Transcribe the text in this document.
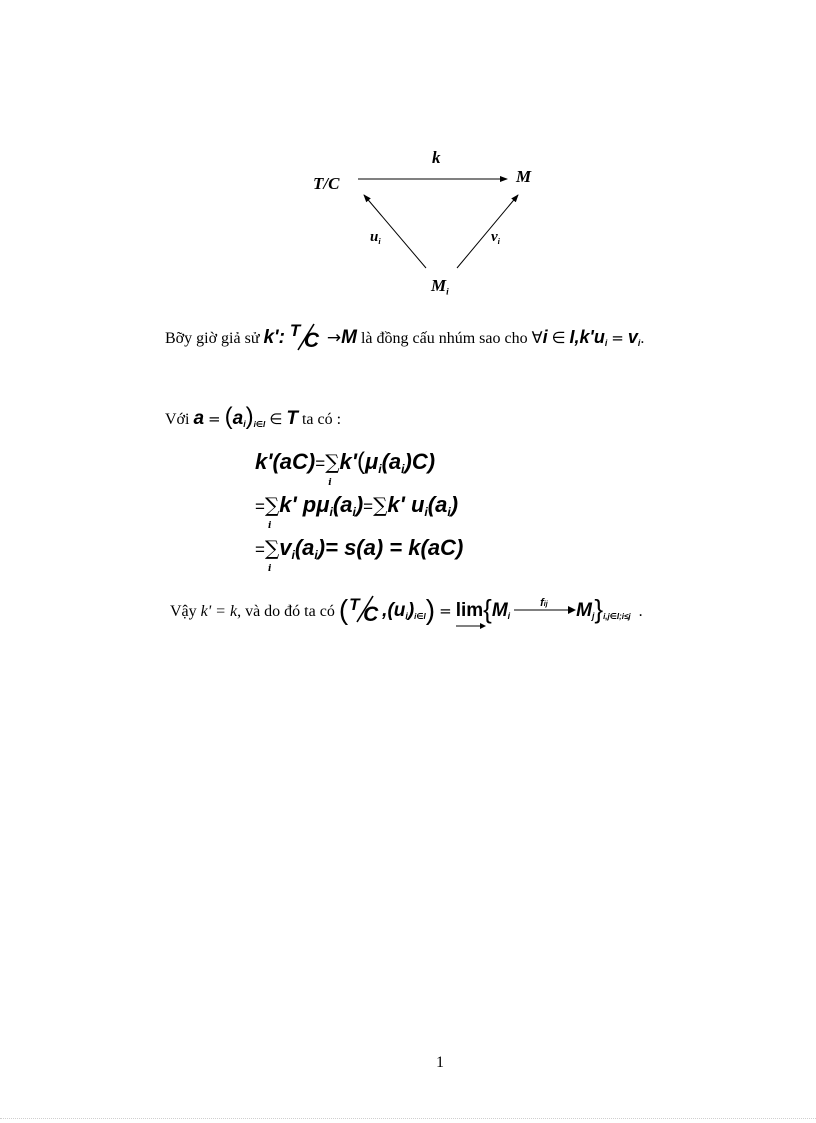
T/C	M
$M_i$
k
$u_i$	$v_i$
Bỡy giờ giả sử k': T C →M là đồng cấu nhúm sao cho ∀i ∈ $I,k'u_i = v_i$.
Với $a = (a_i)_{i\in I}$ ∈ T ta có :
k'(aC)=∑
i
$k'(\mu_i(a_i)C)$
=∑
i
k' $p\mu_i(a_i)=\sum k'$ $u_i(a_i)$
=∑
i
$v_i(a_i)= s(a) = k(aC)$
Vậy k' = k, và do đó ta có ( T C $,(u_i)_{i\in I}) = \lim$
{$M_i$
fij $M_j\}_{i,j\in I;i\le j}$ .
1
